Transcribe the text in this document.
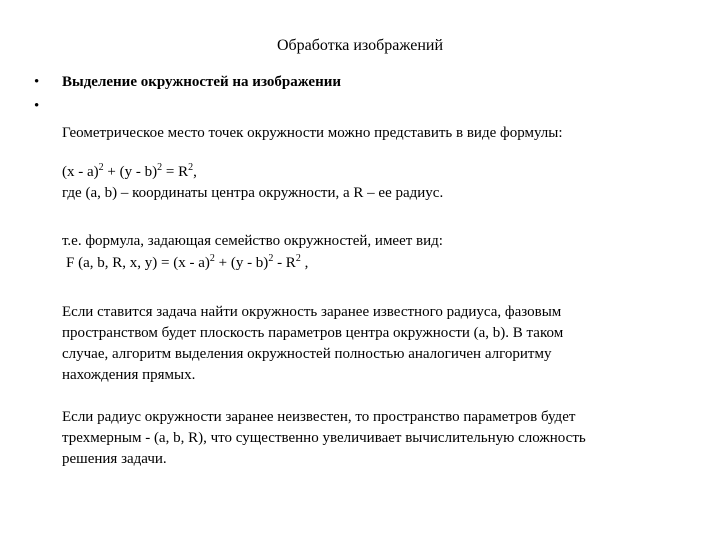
Обработка изображений
• Выделение окружностей на изображении
•
Геометрическое место точек окружности можно представить в виде формулы:
$(x - a)^2 + (y - b)^2 = R^2$,
где (a, b) – координаты центра окружности, а R – ее радиус.
т.е. формула, задающая семейство окружностей, имеет вид:
F (a, b, R, x, $y) = (x - a)^2 + (y - b)^2 - R^2$ ,
Если ставится задача найти окружность заранее известного радиуса, фазовым
пространством будет плоскость параметров центра окружности (a, b). В таком
случае, алгоритм выделения окружностей полностью аналогичен алгоритму
нахождения прямых.
Если радиус окружности заранее неизвестен, то пространство параметров будет
трехмерным - (a, b, R), что существенно увеличивает вычислительную сложность
решения задачи.
